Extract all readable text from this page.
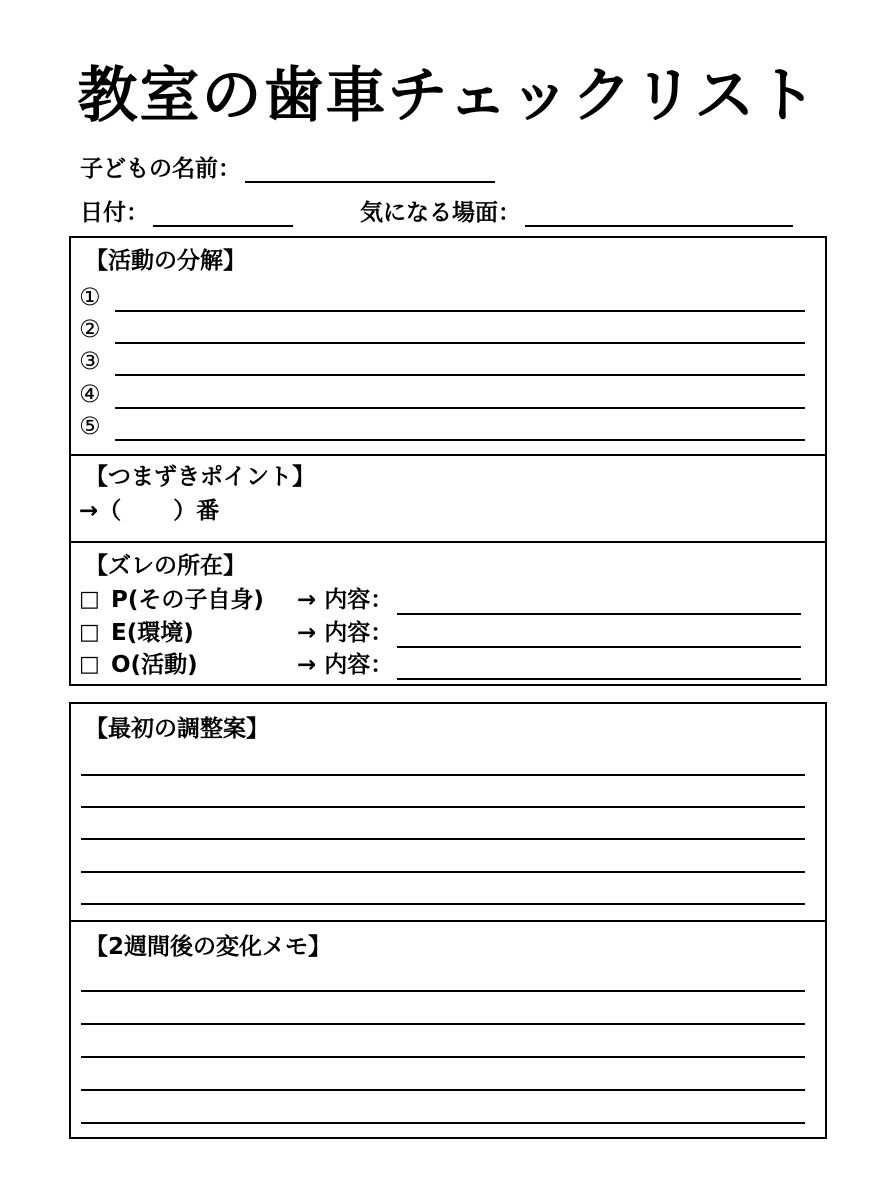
教室の歯車チェックリスト
子どもの名前：
日付：	気になる場面：
【活動の分解】
①
②
③
④
⑤
【つまずきポイント】
→（ ）番
【ズレの所在】
□ P(その子自身)	→ 内容：
□ E(環境)	→ 内容：
□ O(活動)	→ 内容：
【最初の調整案】
【2週間後の変化メモ】
